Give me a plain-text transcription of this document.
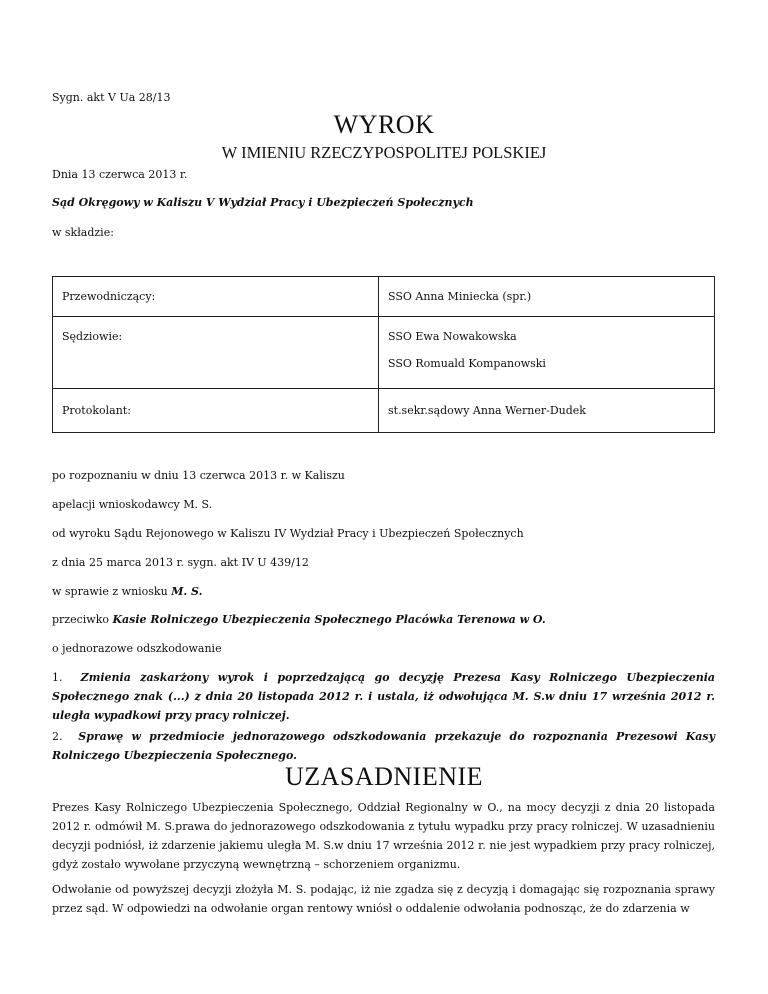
Sygn. akt V Ua 28/13

WYROK
W IMIENIU RZECZYPOSPOLITEJ POLSKIEJ

Dnia 13 czerwca 2013 r.

Sąd Okręgowy w Kaliszu V Wydział Pracy i Ubezpieczeń Społecznych

w składzie:

Przewodniczący:	SSO Anna Miniecka (spr.)

Sędziowie:	SSO Ewa Nowakowska
SSO Romuald Kompanowski

Protokolant:	st.sekr.sądowy Anna Werner-Dudek

po rozpoznaniu w dniu 13 czerwca 2013 r. w Kaliszu

apelacji wnioskodawcy M. S.

od wyroku Sądu Rejonowego w Kaliszu IV Wydział Pracy i Ubezpieczeń Społecznych

z dnia 25 marca 2013 r. sygn. akt IV U 439/12

w sprawie z wniosku M. S.

przeciwko Kasie Rolniczego Ubezpieczenia Społecznego Placówka Terenowa w O.

o jednorazowe odszkodowanie

1. Zmienia zaskarżony wyrok i poprzedzającą go decyzję Prezesa Kasy Rolniczego Ubezpieczenia Społecznego znak (...) z dnia 20 listopada 2012 r. i ustala, iż odwołująca M. S.w dniu 17 września 2012 r. uległa wypadkowi przy pracy rolniczej.

2. Sprawę w przedmiocie jednorazowego odszkodowania przekazuje do rozpoznania Prezesowi Kasy Rolniczego Ubezpieczenia Społecznego.

UZASADNIENIE

Prezes Kasy Rolniczego Ubezpieczenia Społecznego, Oddział Regionalny w O., na mocy decyzji z dnia 20 listopada 2012 r. odmówił M. S.prawa do jednorazowego odszkodowania z tytułu wypadku przy pracy rolniczej. W uzasadnieniu decyzji podniósł, iż zdarzenie jakiemu uległa M. S.w dniu 17 września 2012 r. nie jest wypadkiem przy pracy rolniczej, gdyż zostało wywołane przyczyną wewnętrzną – schorzeniem organizmu.

Odwołanie od powyższej decyzji złożyła M. S. podając, iż nie zgadza się z decyzją i domagając się rozpoznania sprawy przez sąd. W odpowiedzi na odwołanie organ rentowy wniósł o oddalenie odwołania podnosząc, że do zdarzenia w
